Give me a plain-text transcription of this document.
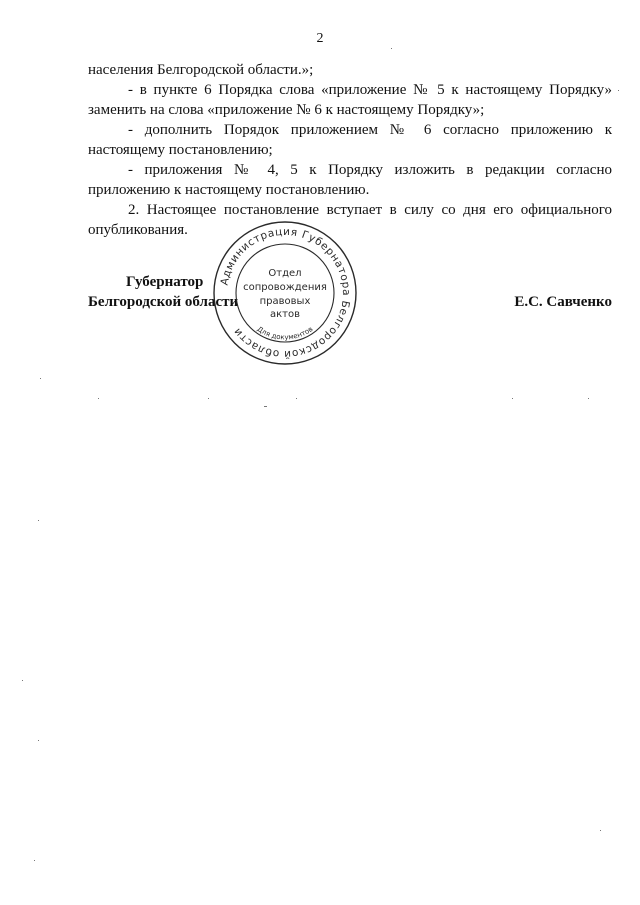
2

населения Белгородской области.»;

- в пункте 6 Порядка слова «приложение № 5 к настоящему Порядку» заменить на слова «приложение № 6 к настоящему Порядку»;

- дополнить Порядок приложением № 6 согласно приложению к настоящему постановлению;

- приложения № 4, 5 к Порядку изложить в редакции согласно приложению к настоящему постановлению.

2. Настоящее постановление вступает в силу со дня его официального опубликования.

Губернатор
Белгородской области	Е.С. Савченко
Администрация Губернатора Белгородской области	Для документов
Отдел
сопровождения
правовых
актов
